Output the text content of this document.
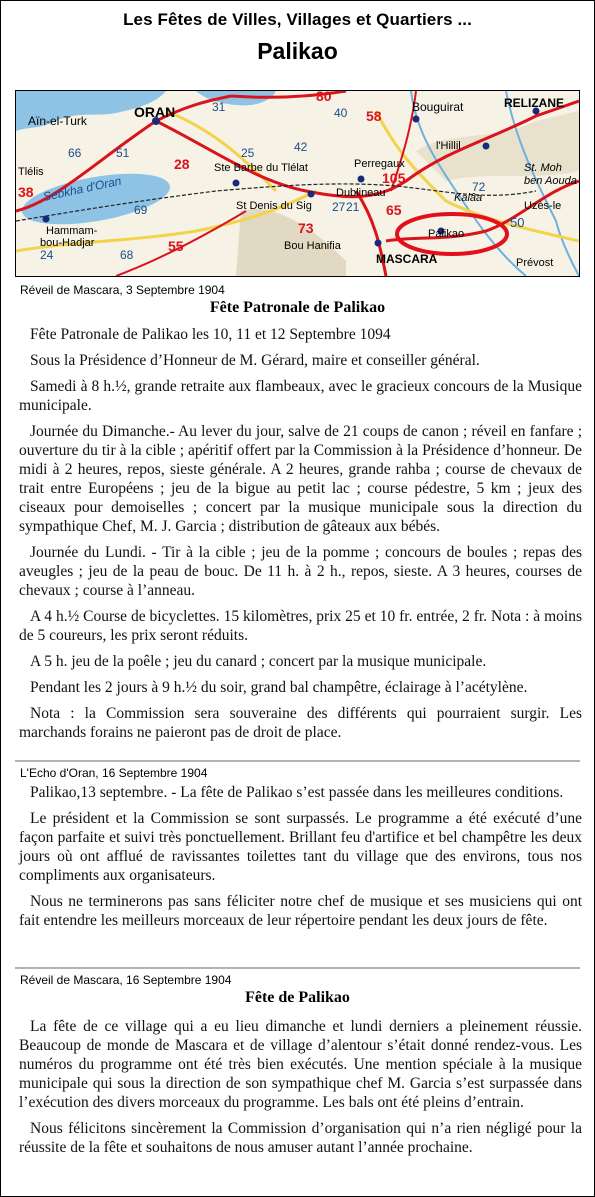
Les Fêtes de Villes, Villages et Quartiers ...
Palikao
Aïn-el-Turk
ORAN
Tlélis
Sebkha d'Oran
Hammam-
bou-Hadjar
Ste Barbe du Tlélat
St Denis du Sig
Bou Hanifia
Dublineau
Perregaux
MASCARA
Palikao
Bouguirat
l'Hillil
RELIZANE
Prévost
Uzès-le
St. Moh
ben Aouda
Kalâa
80
58
28
38
105
55
73
65
50
72
66
69
68
40
51
31
42
25
24
27 21
Réveil de Mascara, 3 Septembre 1904
Fête Patronale de Palikao

Fête Patronale de Palikao les 10, 11 et 12 Septembre 1094

Sous la Présidence d’Honneur de M. Gérard, maire et conseiller général.

Samedi à 8 h.½, grande retraite aux flambeaux, avec le gracieux concours de la Musique municipale.

Journée du Dimanche.- Au lever du jour, salve de 21 coups de canon ; réveil en fanfare ; ouverture du tir à la cible ; apéritif offert par la Commission à la Présidence d’honneur. De midi à 2 heures, repos, sieste générale. A 2 heures, grande rahba ; course de chevaux de trait entre Européens ; jeu de la bigue au petit lac ; course pédestre, 5 km ; jeux des ciseaux pour demoiselles ; concert par la musique municipale sous la direction du sympathique Chef, M. J. Garcia ; distribution de gâteaux aux bébés.

Journée du Lundi. - Tir à la cible ; jeu de la pomme ; concours de boules ; repas des aveugles ; jeu de la peau de bouc. De 11 h. à 2 h., repos, sieste. A 3 heures, courses de chevaux ; course à l’anneau.

A 4 h.½ Course de bicyclettes. 15 kilomètres, prix 25 et 10 fr. entrée, 2 fr. Nota : à moins de 5 coureurs, les prix seront réduits.

A 5 h. jeu de la poêle ; jeu du canard ; concert par la musique municipale.

Pendant les 2 jours à 9 h.½ du soir, grand bal champêtre, éclairage à l’acétylène.

Nota : la Commission sera souveraine des différents qui pourraient surgir. Les marchands forains ne paieront pas de droit de place.

L'Echo d'Oran, 16 Septembre 1904

Palikao,13 septembre. - La fête de Palikao s’est passée dans les meilleures conditions.

Le président et la Commission se sont surpassés. Le programme a été exécuté d’une façon parfaite et suivi très ponctuellement. Brillant feu d'artifice et bel champêtre les deux jours où ont afflué de ravissantes toilettes tant du village que des environs, tous nos compliments aux organisateurs.

Nous ne terminerons pas sans féliciter notre chef de musique et ses musiciens qui ont fait entendre les meilleurs morceaux de leur répertoire pendant les deux jours de fête.

Réveil de Mascara, 16 Septembre 1904
Fête de Palikao

La fête de ce village qui a eu lieu dimanche et lundi derniers a pleinement réussie. Beaucoup de monde de Mascara et de village d’alentour s’était donné rendez-vous. Les numéros du programme ont été très bien exécutés. Une mention spéciale à la musique municipale qui sous la direction de son sympathique chef M. Garcia s’est surpassée dans l’exécution des divers morceaux du programme. Les bals ont été pleins d’entrain.

Nous félicitons sincèrement la Commission d’organisation qui n’a rien négligé pour la réussite de la fête et souhaitons de nous amuser autant l’année prochaine.
